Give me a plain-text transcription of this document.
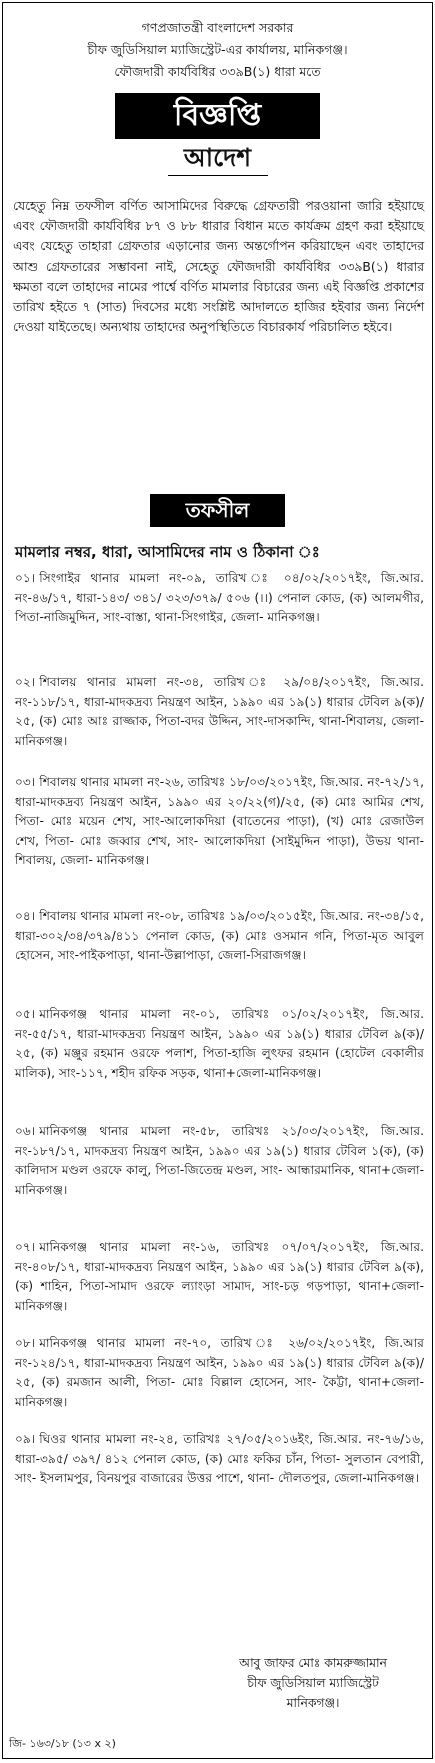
গণপ্রজাতন্ত্রী বাংলাদেশ সরকার
চীফ জুডিসিয়াল ম্যাজিস্ট্রেট-এর কার্যালয়, মানিকগঞ্জ।
ফৌজদারী কার্যবিধির ৩৩৯B(১) ধারা মতে
বিজ্ঞপ্তি
আদেশ
যেহেতু নিম্ন তফসীল বর্ণিত আসামিদের বিরুদ্ধে গ্রেফতারী পরওয়ানা জারি হইয়াছে এবং ফৌজদারী কার্যবিধির ৮৭ ও ৮৮ ধারার বিধান মতে কার্যক্রম গ্রহণ করা হইয়াছে এবং যেহেতু তাহারা গ্রেফতার এড়ানোর জন্য অন্তর্গোপন করিয়াছেন এবং তাহাদের আশু গ্রেফতারের সম্ভাবনা নাই, সেহেতু ফৌজদারী কার্যবিধির ৩৩৯B(১) ধারার ক্ষমতা বলে তাহাদের নামের পার্শ্বে বর্ণিত মামলার বিচারের জন্য এই বিজ্ঞপ্তি প্রকাশের তারিখ হইতে ৭ (সাত) দিবসের মধ্যে সংশ্লিষ্ট আদালতে হাজির হইবার জন্য নির্দেশ দেওয়া যাইতেছে। অন্যথায় তাহাদের অনুপস্থিতিতে বিচারকার্য পরিচালিত হইবে।
তফসীল
মামলার নম্বর, ধারা, আসামিদের নাম ও ঠিকানা ঃ
০১। সিংগাইর থানার মামলা নং-০৯, তারিখ ঃ ০৪/০২/২০১৭ইং, জি.আর. নং-৪৬/১৭, ধারা-১৪৩/ ৩৪১/ ৩২৩/৩৭৯/ ৫০৬ (।।) পেনাল কোড, (ক) আলমগীর, পিতা-নাজিমুদ্দিন, সাং-বাস্তা, থানা-সিংগাইর, জেলা- মানিকগঞ্জ।
০২। শিবালয় থানার মামলা নং-৩৪, তারিখ ঃ ২৯/০৪/২০১৭ইং, জি.আর. নং-১১৮/১৭, ধারা-মাদকদ্রব্য নিয়ন্ত্রণ আইন, ১৯৯০ এর ১৯(১) ধারার টেবিল ৯(ক)/২৫, (ক) মোঃ আঃ রাজ্জাক, পিতা-বদর উদ্দিন, সাং-দাসকান্দি, থানা-শিবালয়, জেলা-মানিকগঞ্জ।
০৩। শিবালয় থানার মামলা নং-২৬, তারিখঃ ১৮/০৩/২০১৭ইং, জি.আর. নং-৭২/১৭, ধারা-মাদকদ্রব্য নিয়ন্ত্রণ আইন, ১৯৯০ এর ২০/২২(গ)/২৫, (ক) মোঃ আমির শেখ, পিতা- মোঃ ময়েন শেখ, সাং-আলোকদিয়া (বাতেনের পাড়া), (খ) মোঃ রেজাউল শেখ, পিতা- মোঃ জব্বার শেখ, সাং- আলোকদিয়া (সাইমুদ্দিন পাড়া), উভয় থানা-শিবালয়, জেলা- মানিকগঞ্জ।
০৪। শিবালয় থানার মামলা নং-০৮, তারিখঃ ১৯/০৩/২০১৫ইং, জি.আর. নং-৩৪/১৫, ধারা-৩০২/৩৪/৩৭৯/৪১১ পেনাল কোড, (ক) মোঃ ওসমান গনি, পিতা-মৃত আবুল হোসেন, সাং-পাইকপাড়া, থানা-উল্লাপাড়া, জেলা-সিরাজগঞ্জ।
০৫। মানিকগঞ্জ থানার মামলা নং-০১, তারিখঃ ০১/০২/২০১৭ইং, জি.আর. নং-৫৫/১৭, ধারা-মাদকদ্রব্য নিয়ন্ত্রণ আইন, ১৯৯০ এর ১৯(১) ধারার টেবিল ৯(ক)/২৫, (ক) মঞ্জুর রহমান ওরফে পলাশ, পিতা-হাজি লুৎফর রহমান (হোটেল বেকালীর মালিক), সাং-১১৭, শহীদ রফিক সড়ক, থানা+জেলা-মানিকগঞ্জ।
০৬। মানিকগঞ্জ থানার মামলা নং-৫৮, তারিখঃ ২১/০৩/২০১৭ইং, জি.আর. নং-১৮৭/১৭, মাদকদ্রব্য নিয়ন্ত্রণ আইন, ১৯৯০ এর ১৯(১) ধারার টেবিল ১(ক), (ক) কালিদাস মণ্ডল ওরফে কালু, পিতা-জিতেন্দ্র মণ্ডল, সাং- আন্ধারমানিক, থানা+জেলা-মানিকগঞ্জ।
০৭। মানিকগঞ্জ থানার মামলা নং-১৬, তারিখঃ ০৭/০৭/২০১৭ইং, জি.আর. নং-৪০৮/১৭, ধারা-মাদকদ্রব্য নিয়ন্ত্রণ আইন, ১৯৯০ এর ১৯(১) ধারার টেবিল ৯(ক), (ক) শাহিন, পিতা-সামাদ ওরফে ল্যাংড়া সামাদ, সাং-চড় গড়পাড়া, থানা+জেলা- মানিকগঞ্জ।
০৮। মানিকগঞ্জ থানার মামলা নং-৭০, তারিখ ঃ ২৬/০২/২০১৭ইং, জি.আর নং-১২৪/১৭, ধারা-মাদকদ্রব্য নিয়ন্ত্রণ আইন, ১৯৯০ এর ১৯(১) ধারার টেবিল ৯(ক)/২৫, (ক) রমজান আলী, পিতা- মোঃ বিল্লাল হোসেন, সাং- কৈট্টা, থানা+জেলা-মানিকগঞ্জ।
০৯। ঘিওর থানার মামলা নং-২৪, তারিখঃ ২৭/০৫/২০১৬ইং, জি.আর. নং-৭৬/১৬, ধারা-৩৯৫/ ৩৯৭/ ৪১২ পেনাল কোড, (ক) মোঃ ফকির চাঁন, পিতা- সুলতান বেপারী, সাং- ইসলামপুর, বিনয়পুর বাজারের উত্তর পাশে, থানা- দৌলতপুর, জেলা-মানিকগঞ্জ।
আবু জাফর মোঃ কামরুজ্জামান
চীফ জুডিসিয়াল ম্যাজিস্ট্রেট
মানিকগঞ্জ।
জি- ১৬৩/১৮ (১৩ x ২)
